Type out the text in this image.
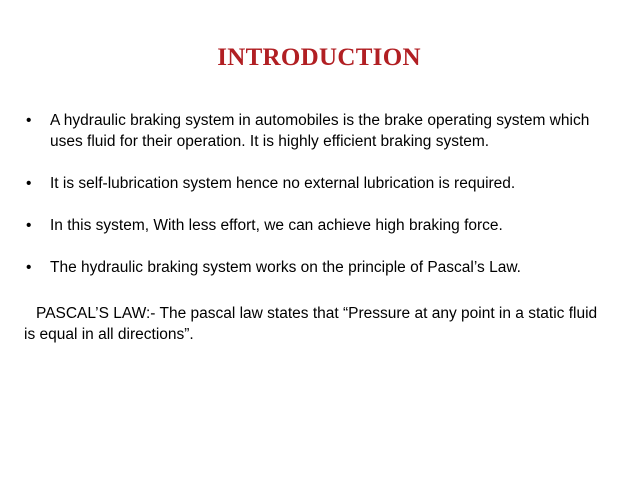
INTRODUCTION
• A hydraulic braking system in automobiles is the brake operating system which uses fluid for their operation. It is highly efficient braking system.
• It is self-lubrication system hence no external lubrication is required.
• In this system, With less effort, we can achieve high braking force.
• The hydraulic braking system works on the principle of Pascal’s Law.

PASCAL’S LAW:- The pascal law states that “Pressure at any point in a static fluid is equal in all directions”.
